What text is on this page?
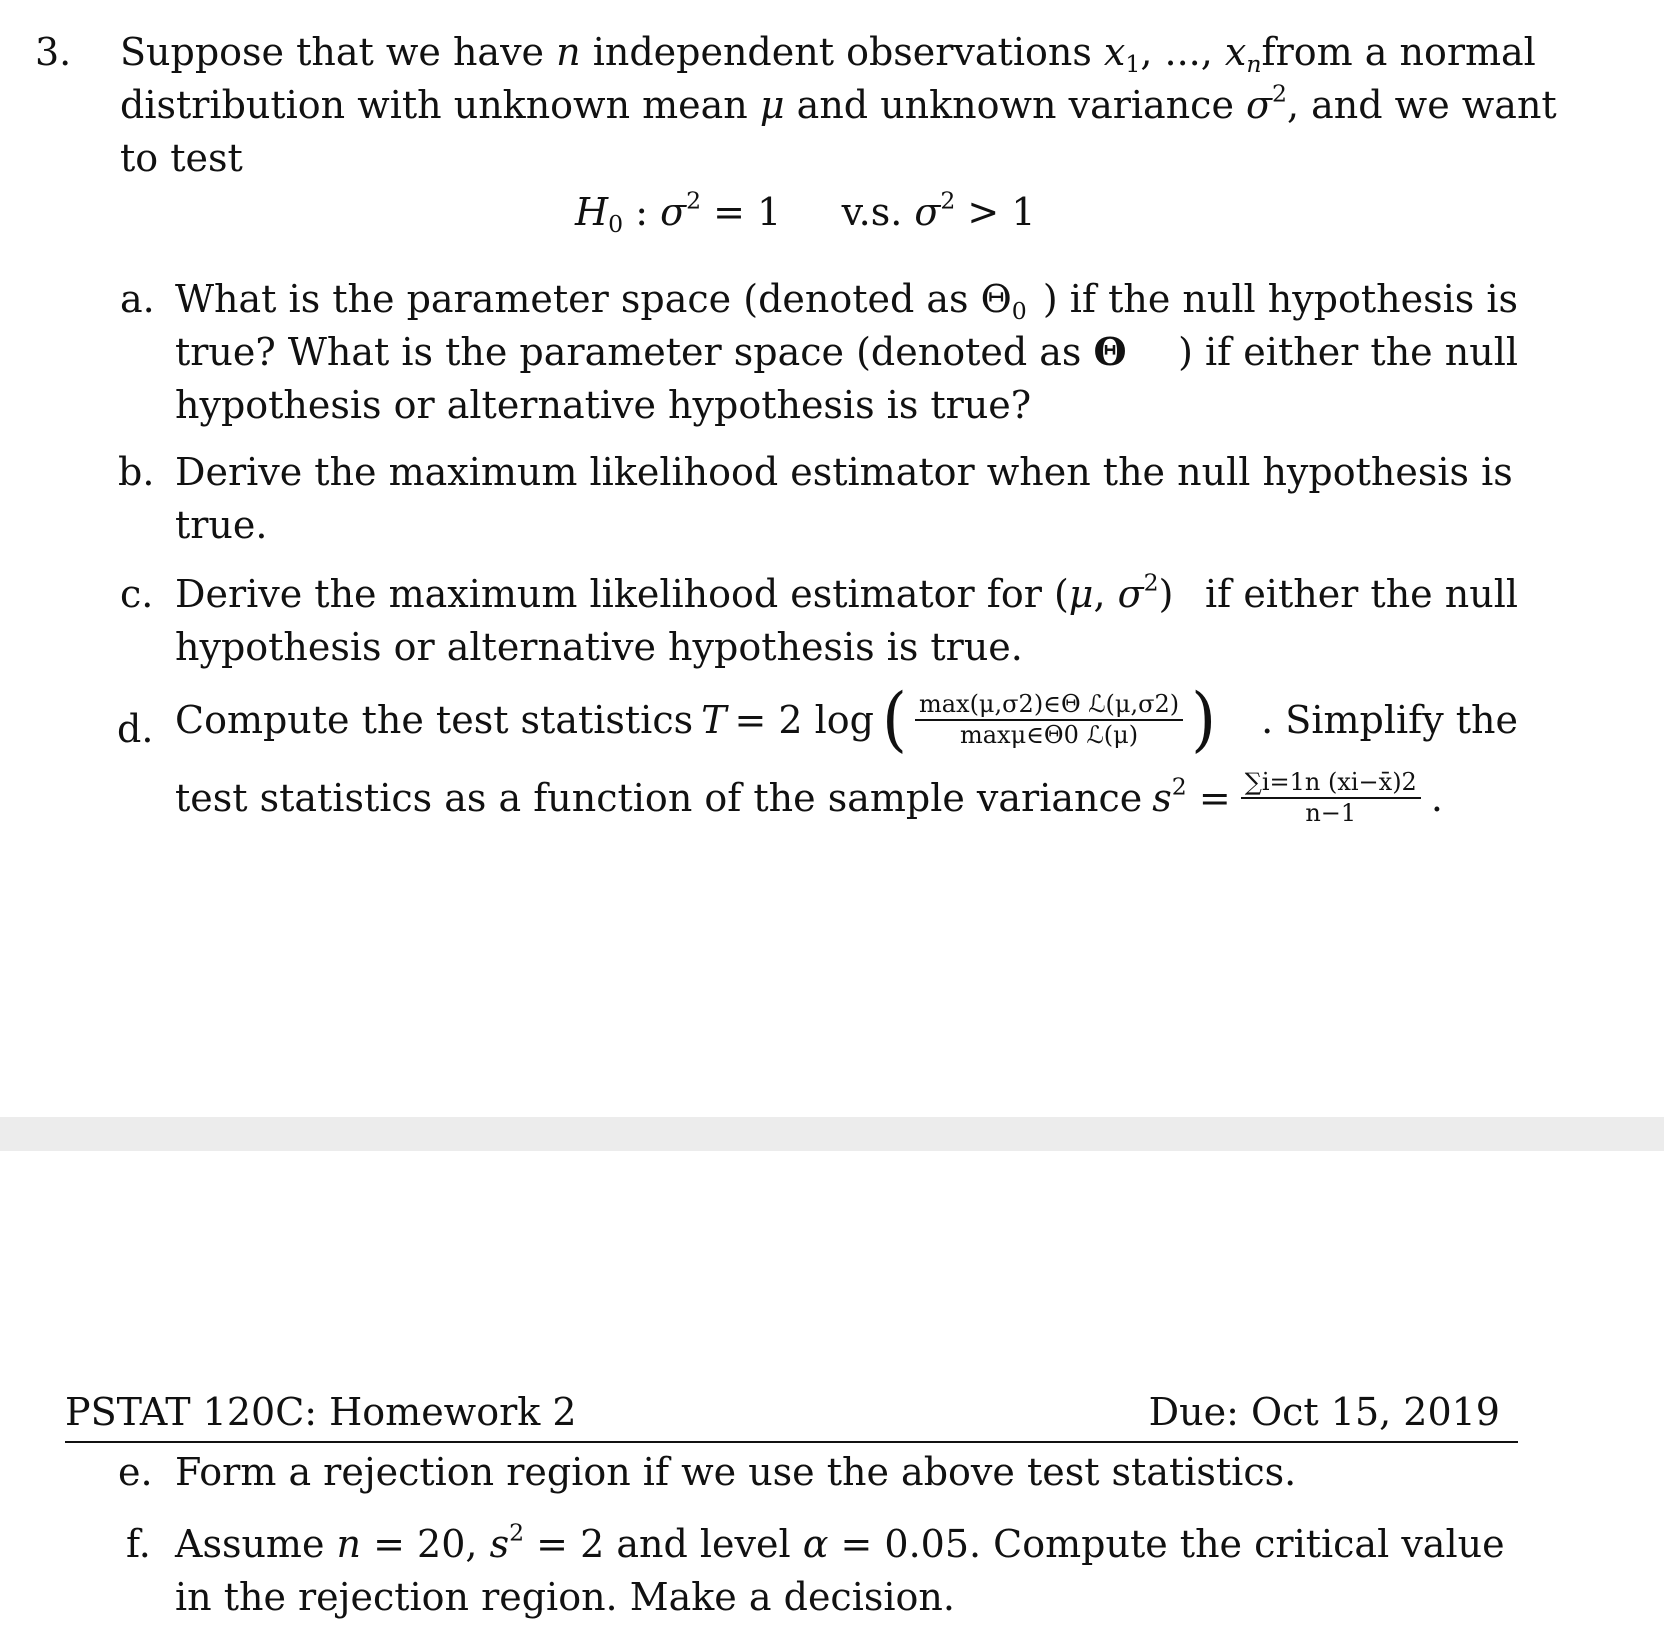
3. Suppose that we have n independent observations $x_1$, ..., $x_n$ from a normal
distribution with unknown mean μ and unknown variance $\sigma^2$, and we want
to test
$H_0$ : $\sigma^2 = 1$ v.s. $\sigma^2 > 1$
a. What is the parameter space (denoted as $\Theta_0$ ) if the null hypothesis is
true? What is the parameter space (denoted as Θ ) if either the null
hypothesis or alternative hypothesis is true?
b. Derive the maximum likelihood estimator when the null hypothesis is
true.
c. Derive the maximum likelihood estimator for (μ, $\sigma^2$) if either the null
hypothesis or alternative hypothesis is true.
d. Compute the test statistics T = 2 log ( $\frac{\text{max(μ,σ2)∈Θ ℒ(μ,σ2)}}{\text{maxμ∈Θ0 ℒ(μ)}}$ ) . Simplify the
test statistics as a function of the sample variance $s^2 = \frac{\sum i=1n (xi-x̄)2}{n-1}$ .
PSTAT 120C: Homework 2	Due: Oct 15, 2019
e. Form a rejection region if we use the above test statistics.
f. Assume n = 20, $s^2 = 2$ and level α = 0.05. Compute the critical value
in the rejection region. Make a decision.
